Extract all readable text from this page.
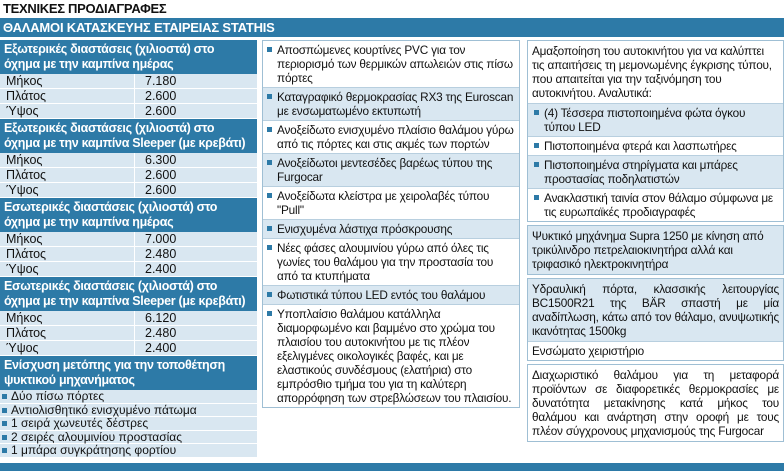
ΤΕΧΝΙΚΕΣ ΠΡΟΔΙΑΓΡΑΦΕΣ
ΘΑΛΑΜΟΙ ΚΑΤΑΣΚΕΥΗΣ ΕΤΑΙΡΕΙΑΣ STATHIS
Εξωτερικές διαστάσεις (χιλιοστά) στο όχημα με την καμπίνα ημέρας
Μήκος	7.180
Πλάτος	2.600
Ύψος	2.600
Εξωτερικές διαστάσεις (χιλιοστά) στο όχημα με την καμπίνα Sleeper (με κρεβάτι)
Μήκος	6.300
Πλάτος	2.600
Ύψος	2.600
Εσωτερικές διαστάσεις (χιλιοστά) στο όχημα με την καμπίνα ημέρας
Μήκος	7.000
Πλάτος	2.480
Ύψος	2.400
Εσωτερικές διαστάσεις (χιλιοστά) στο όχημα με την καμπίνα Sleeper (με κρεβάτι)
Μήκος	6.120
Πλάτος	2.480
Ύψος	2.400
Ενίσχυση μετόπης για την τοποθέτηση ψυκτικού μηχανήματος
Δύο πίσω πόρτες
Αντιολισθητικό ενισχυμένο πάτωμα
1 σειρά χωνευτές δέστρες
2 σειρές αλουμινίου προστασίας
1 μπάρα συγκράτησης φορτίου
Αποσπώμενες κουρτίνες PVC για τον περιορισμό των θερμικών απωλειών στις πίσω πόρτες
Καταγραφικό θερμοκρασίας RX3 της Euroscan με ενσωματωμένο εκτυπωτή
Ανοξείδωτο ενισχυμένο πλαίσιο θαλάμου γύρω από τις πόρτες και στις ακμές των πορτών
Ανοξείδωτοι μεντεσέδες βαρέως τύπου της Furgocar
Ανοξείδωτα κλείστρα με χειρολαβές τύπου "Pull"
Ενισχυμένα λάστιχα πρόσκρουσης
Νέες φάσες αλουμινίου γύρω από όλες τις γωνίες του θαλάμου για την προστασία του από τα κτυπήματα
Φωτιστικά τύπου LED εντός του θαλάμου
Υποπλαίσιο θαλάμου κατάλληλα διαμορφωμένο και βαμμένο στο χρώμα του πλαισίου του αυτοκινήτου με τις πλέον εξελιγμένες οικολογικές βαφές, και με ελαστικούς συνδέσμους (ελατήρια) στο εμπρόσθιο τμήμα του για τη καλύτερη απορρόφηση των στρεβλώσεων του πλαισίου.
Αμαξοποίηση του αυτοκινήτου για να καλύπτει τις απαιτήσεις τη μεμονωμένης έγκρισης τύπου, που απαιτείται για την ταξινόμηση του αυτοκινήτου. Αναλυτικά:
(4) Τέσσερα πιστοποιημένα φώτα όγκου τύπου LED
Πιστοποιημένα φτερά και λασπωτήρες
Πιστοποιημένα στηρίγματα και μπάρες προστασίας ποδηλατιστών
Ανακλαστική ταινία στον θάλαμο σύμφωνα με τις ευρωπαϊκές προδιαγραφές
Ψυκτικό μηχάνημα Supra 1250 με κίνηση από τρικύλινδρο πετρελαιοκινητήρα αλλά και τριφασικό ηλεκτροκινητήρα
Υδραυλική πόρτα, κλασσικής λειτουργίας BC1500R21 της BÄR σπαστή με μία αναδίπλωση, κάτω από τον θάλαμο, ανυψωτικής ικανότητας 1500kg
Ενσώματο χειριστήριο
Διαχωριστικό θαλάμου για τη μεταφορά προϊόντων σε διαφορετικές θερμοκρασίες με δυνατότητα μετακίνησης κατά μήκος του θαλάμου και ανάρτηση στην οροφή με τους πλέον σύγχρονους μηχανισμούς της Furgocar
